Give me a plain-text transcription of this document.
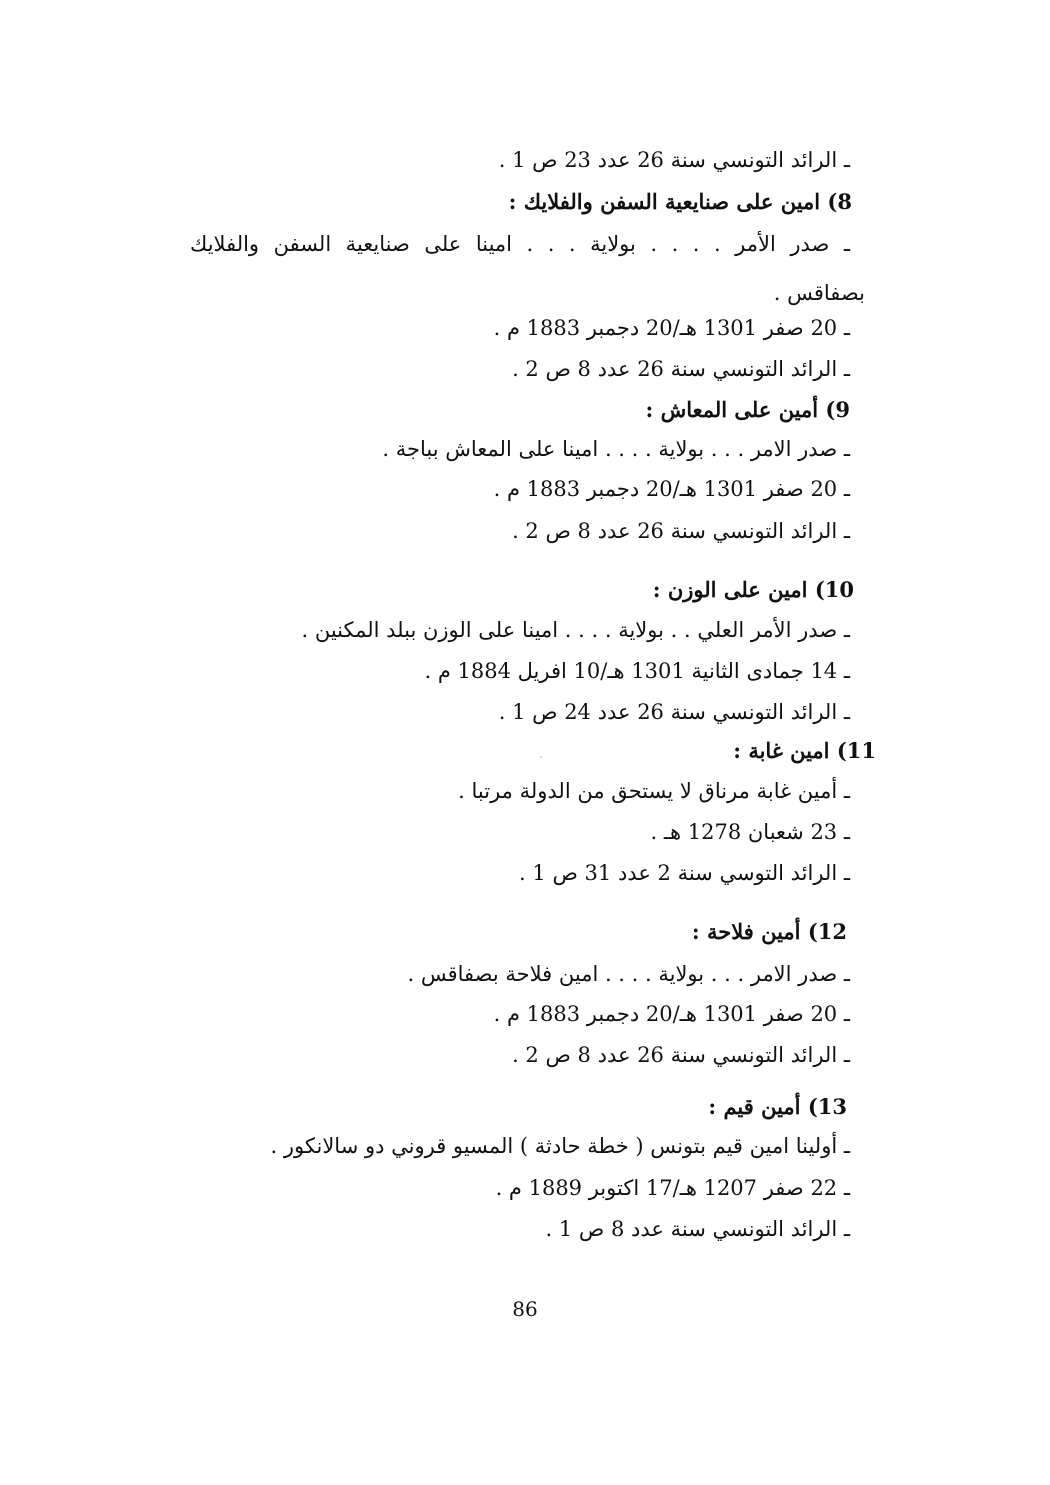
ـ الرائد التونسي سنة 26 عدد 23 ص 1 .
8) امين على صنايعية السفن والفلايك :
ـ صدر الأمر . . . . بولاية . . . امينا على صنايعية السفن والفلايك
بصفاقس .
ـ 20 صفر 1301 هـ/20 دجمبر 1883 م .
ـ الرائد التونسي سنة 26 عدد 8 ص 2 .
9) أمين على المعاش :
ـ صدر الامر . . . بولاية . . . . امينا على المعاش بباجة .
ـ 20 صفر 1301 هـ/20 دجمبر 1883 م .
ـ الرائد التونسي سنة 26 عدد 8 ص 2 .
10) امين على الوزن :
ـ صدر الأمر العلي . . بولاية . . . . امينا على الوزن ببلد المكنين .
ـ 14 جمادى الثانية 1301 هـ/10 افريل 1884 م .
ـ الرائد التونسي سنة 26 عدد 24 ص 1 .
11) امين غابة :
ـ أمين غابة مرناق لا يستحق من الدولة مرتبا .
ـ 23 شعبان 1278 هـ .
ـ الرائد التوسي سنة 2 عدد 31 ص 1 .
12) أمين فلاحة :
ـ صدر الامر . . . بولاية . . . . امين فلاحة بصفاقس .
ـ 20 صفر 1301 هـ/20 دجمبر 1883 م .
ـ الرائد التونسي سنة 26 عدد 8 ص 2 .
13) أمين قيم :
ـ أولينا امين قيم بتونس ( خطة حادثة ) المسيو قروني دو سالانكور .
ـ 22 صفر 1207 هـ/17 اكتوبر 1889 م .
ـ الرائد التونسي سنة عدد 8 ص 1 .
86
